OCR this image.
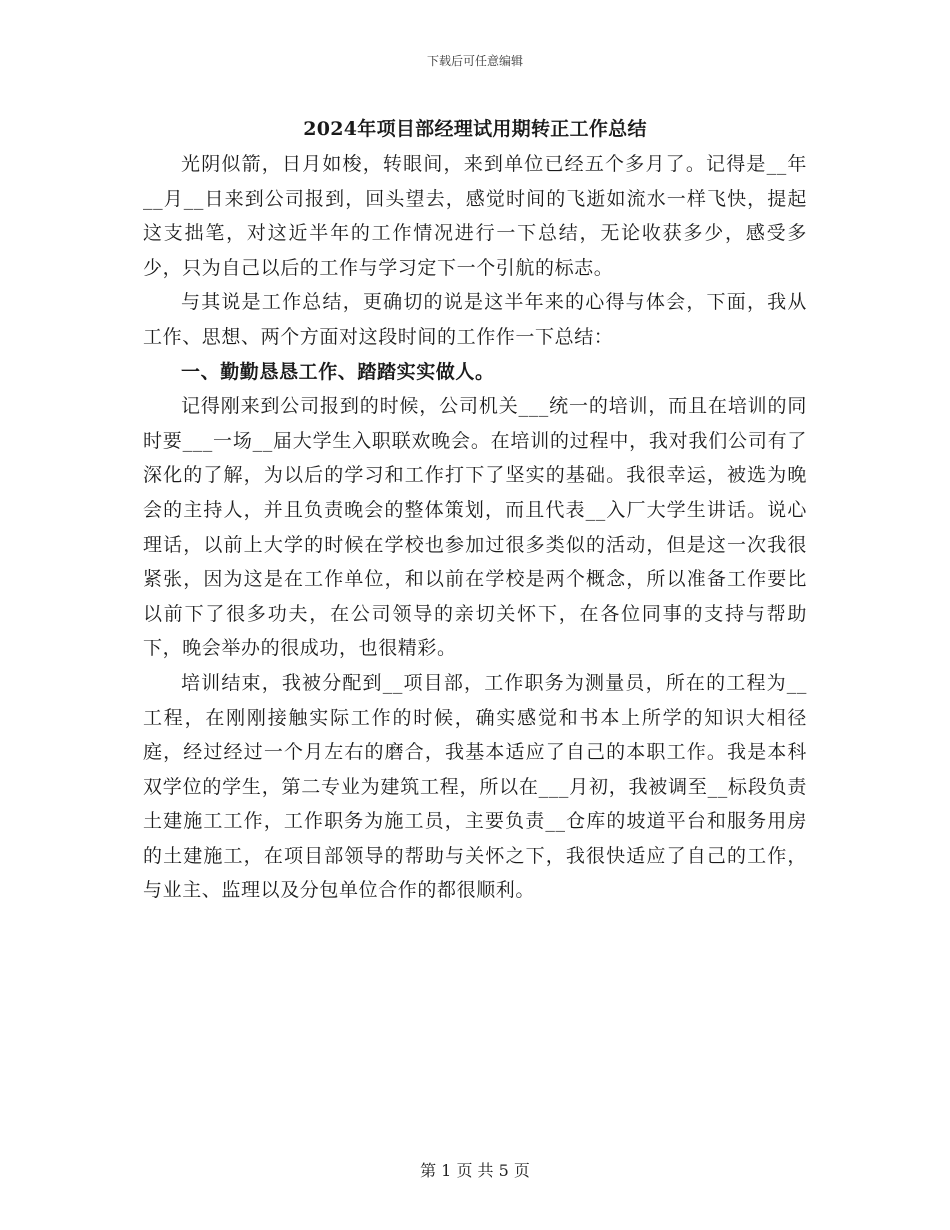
下载后可任意编辑
2024年项目部经理试用期转正工作总结

光阴似箭，日月如梭，转眼间，来到单位已经五个多月了。记得是__年__月__日来到公司报到，回头望去，感觉时间的飞逝如流水一样飞快，提起这支拙笔，对这近半年的工作情况进行一下总结，无论收获多少，感受多少，只为自己以后的工作与学习定下一个引航的标志。

与其说是工作总结，更确切的说是这半年来的心得与体会，下面，我从工作、思想、两个方面对这段时间的工作作一下总结：

一、勤勤恳恳工作、踏踏实实做人。

记得刚来到公司报到的时候，公司机关___统一的培训，而且在培训的同时要___一场__届大学生入职联欢晚会。在培训的过程中，我对我们公司有了深化的了解，为以后的学习和工作打下了坚实的基础。我很幸运，被选为晚会的主持人，并且负责晚会的整体策划，而且代表__入厂大学生讲话。说心理话，以前上大学的时候在学校也参加过很多类似的活动，但是这一次我很紧张，因为这是在工作单位，和以前在学校是两个概念，所以准备工作要比以前下了很多功夫，在公司领导的亲切关怀下，在各位同事的支持与帮助下，晚会举办的很成功，也很精彩。

培训结束，我被分配到__项目部，工作职务为测量员，所在的工程为__工程，在刚刚接触实际工作的时候，确实感觉和书本上所学的知识大相径庭，经过经过一个月左右的磨合，我基本适应了自己的本职工作。我是本科双学位的学生，第二专业为建筑工程，所以在___月初，我被调至__标段负责土建施工工作，工作职务为施工员，主要负责__仓库的坡道平台和服务用房的土建施工，在项目部领导的帮助与关怀之下，我很快适应了自己的工作，与业主、监理以及分包单位合作的都很顺利。

第 1 页 共 5 页
